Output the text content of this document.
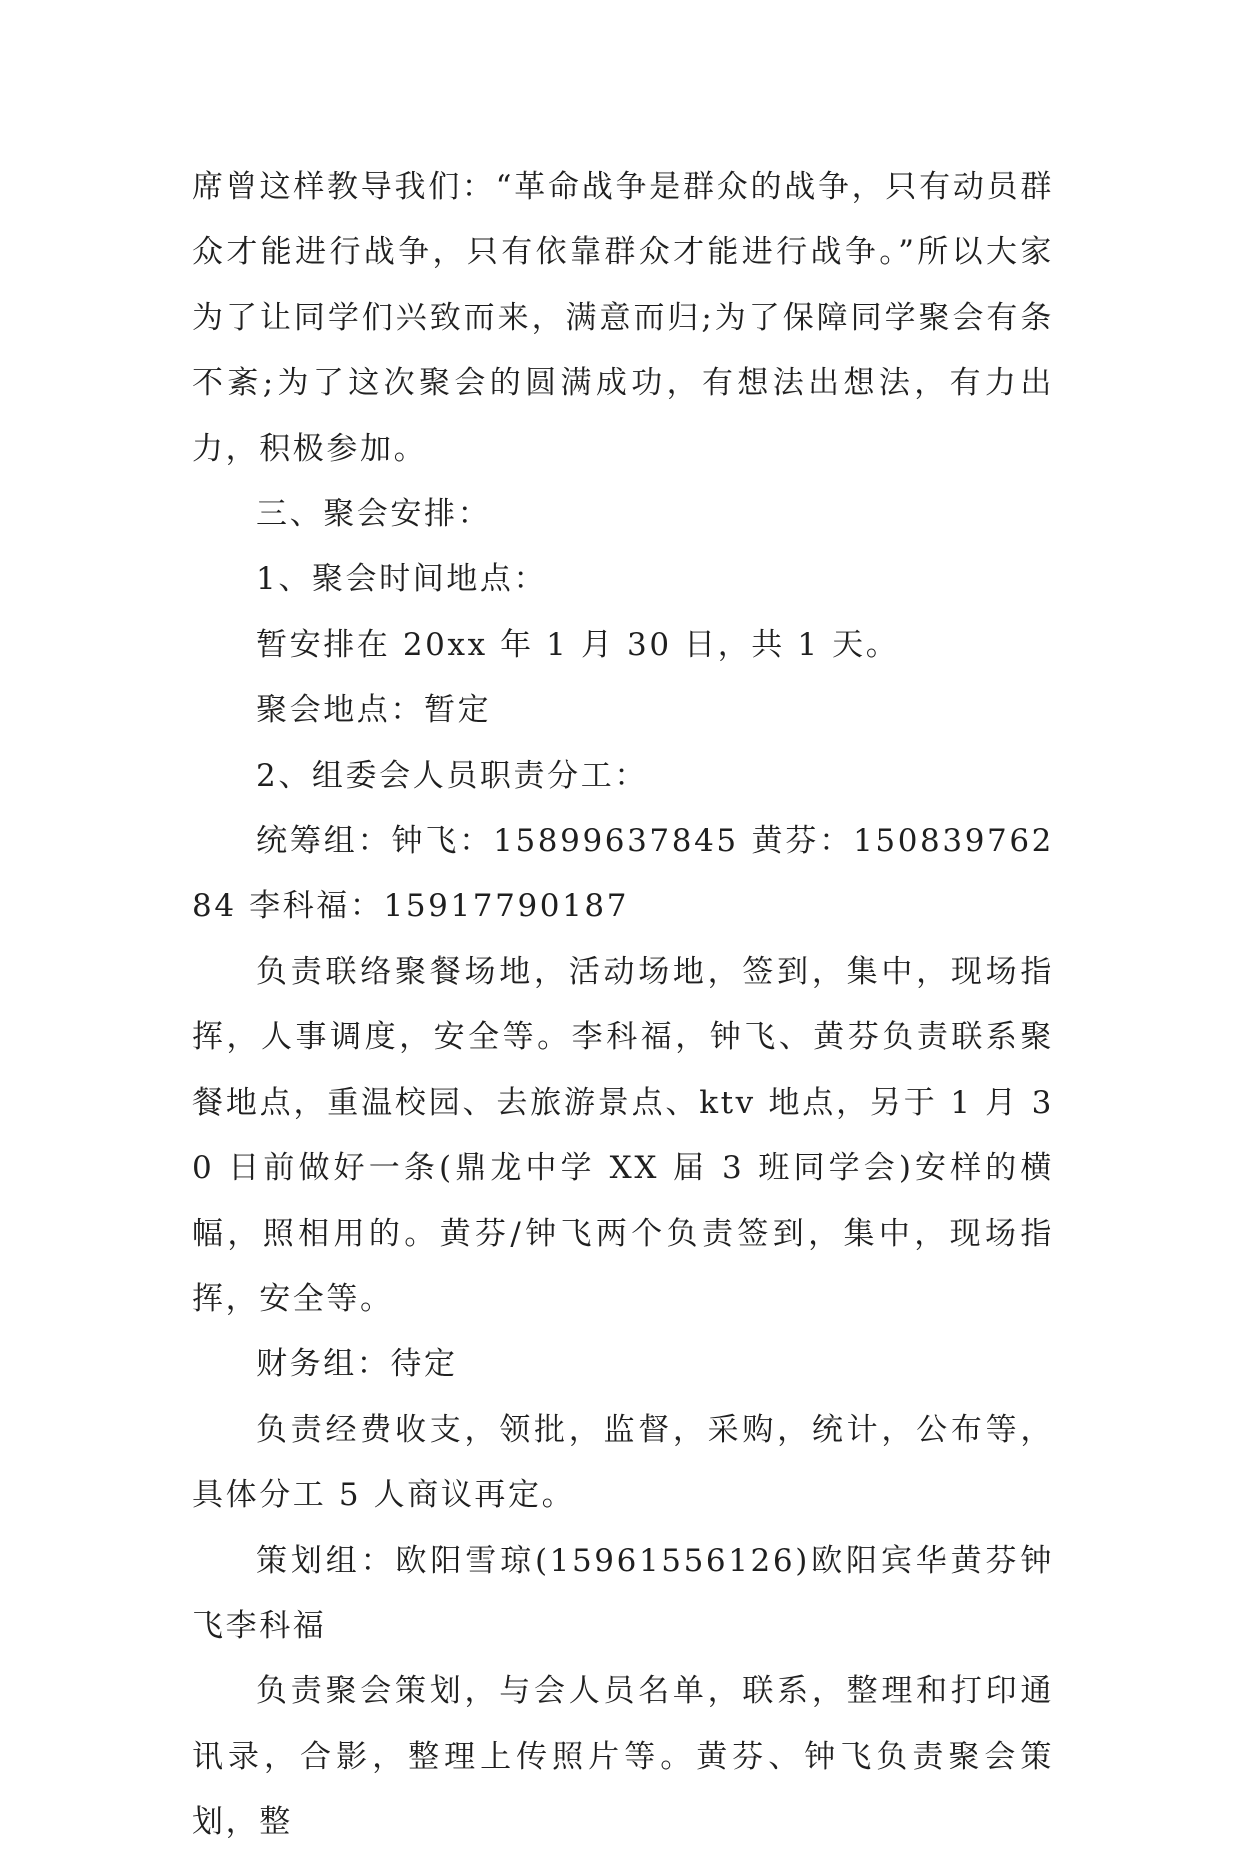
席曾这样教导我们：“革命战争是群众的战争，只有动员群众才能进行战争，只有依靠群众才能进行战争。”所以大家为了让同学们兴致而来，满意而归;为了保障同学聚会有条不紊;为了这次聚会的圆满成功，有想法出想法，有力出力，积极参加。

三、聚会安排：

1、聚会时间地点：

暂安排在 20xx 年 1 月 30 日，共 1 天。

聚会地点：暂定

2、组委会人员职责分工：

统筹组：钟飞：15899637845 黄芬：15083976284 李科福：15917790187

负责联络聚餐场地，活动场地，签到，集中，现场指挥，人事调度，安全等。李科福，钟飞、黄芬负责联系聚餐地点，重温校园、去旅游景点、ktv 地点，另于 1 月 30 日前做好一条(鼎龙中学 XX 届 3 班同学会)安样的横幅，照相用的。黄芬/钟飞两个负责签到，集中，现场指挥，安全等。

财务组：待定

负责经费收支，领批，监督，采购，统计，公布等，具体分工 5 人商议再定。

策划组：欧阳雪琼(15961556126)欧阳宾华黄芬钟飞李科福

负责聚会策划，与会人员名单，联系，整理和打印通讯录，合影，整理上传照片等。黄芬、钟飞负责聚会策划，整
